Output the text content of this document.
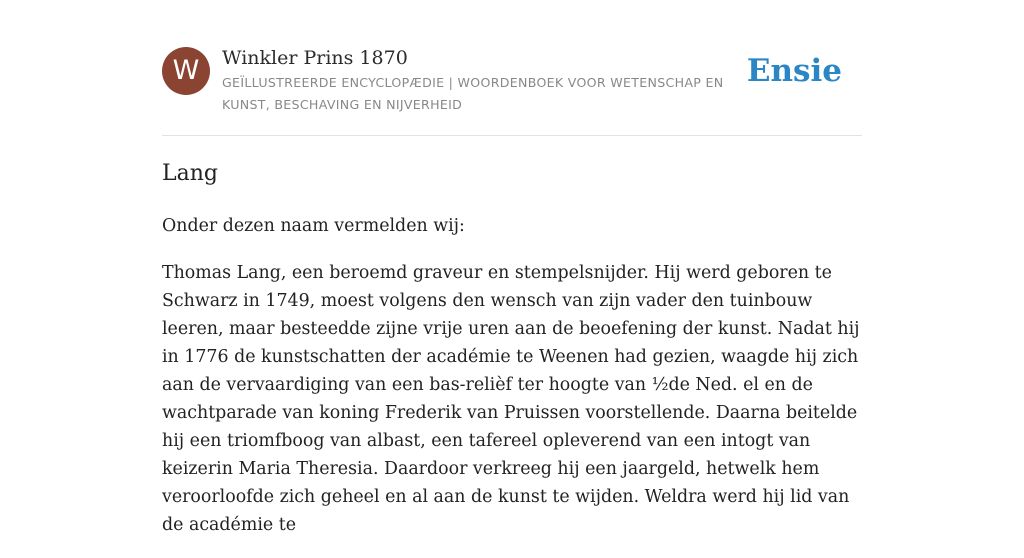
W	Winkler Prins 1870
GEÏLLUSTREERDE ENCYCLOPÆDIE | WOORDENBOEK VOOR WETENSCHAP EN KUNST, BESCHAVING EN NIJVERHEID
Ensie
Lang

Onder dezen naam vermelden wij:

Thomas Lang, een beroemd graveur en stempelsnijder. Hij werd geboren te Schwarz in 1749, moest volgens den wensch van zijn vader den tuinbouw leeren, maar besteedde zijne vrije uren aan de beoefening der kunst. Nadat hij in 1776 de kunstschatten der académie te Weenen had gezien, waagde hij zich aan de vervaardiging van een bas-relièf ter hoogte van ½de Ned. el en de wachtparade van koning Frederik van Pruissen voorstellende. Daarna beitelde hij een triomfboog van albast, een tafereel opleverend van een intogt van keizerin Maria Theresia. Daardoor verkreeg hij een jaargeld, hetwelk hem veroorloofde zich geheel en al aan de kunst te wijden. Weldra werd hij lid van de académie te
